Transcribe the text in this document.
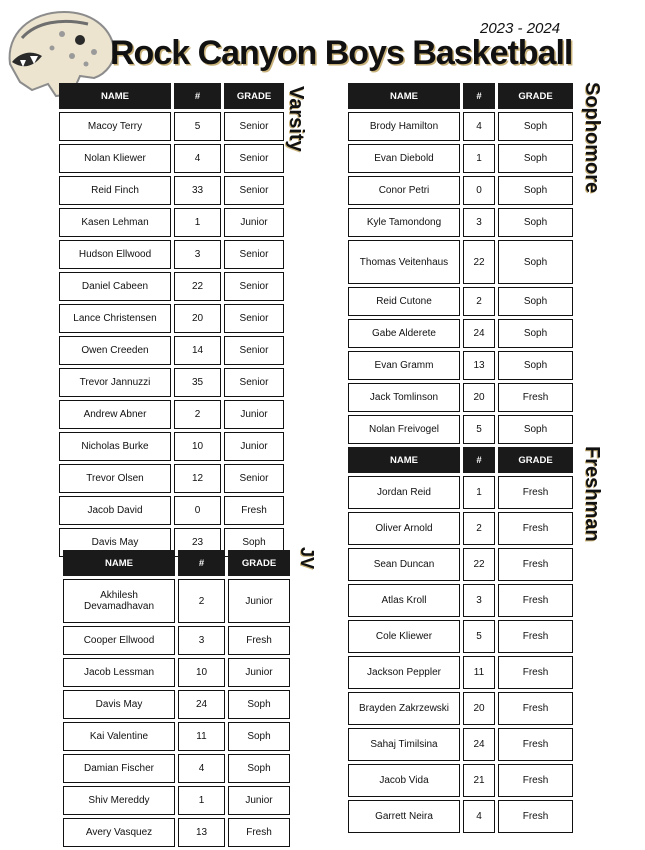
2023 - 2024
Rock Canyon Boys Basketball
NAME	#	GRADE
Macoy Terry	5	Senior
Nolan Kliewer	4	Senior
Reid Finch	33	Senior
Kasen Lehman	1	Junior
Hudson Ellwood	3	Senior
Daniel Cabeen	22	Senior
Lance Christensen	20	Senior
Owen Creeden	14	Senior
Trevor Jannuzzi	35	Senior
Andrew Abner	2	Junior
Nicholas Burke	10	Junior
Trevor Olsen	12	Senior
Jacob David	0	Fresh
Davis May	23	Soph
Varsity
NAME	#	GRADE
Akhilesh Devamadhavan	2	Junior
Cooper Ellwood	3	Fresh
Jacob Lessman	10	Junior
Davis May	24	Soph
Kai Valentine	11	Soph
Damian Fischer	4	Soph
Shiv Mereddy	1	Junior
Avery Vasquez	13	Fresh
JV
NAME	#	GRADE
Brody Hamilton	4	Soph
Evan Diebold	1	Soph
Conor Petri	0	Soph
Kyle Tamondong	3	Soph
Thomas Veitenhaus	22	Soph
Reid Cutone	2	Soph
Gabe Alderete	24	Soph
Evan Gramm	13	Soph
Jack Tomlinson	20	Fresh
Nolan Freivogel	5	Soph
Sophomore
NAME	#	GRADE
Jordan Reid	1	Fresh
Oliver Arnold	2	Fresh
Sean Duncan	22	Fresh
Atlas Kroll	3	Fresh
Cole Kliewer	5	Fresh
Jackson Peppler	11	Fresh
Brayden Zakrzewski	20	Fresh
Sahaj Timilsina	24	Fresh
Jacob Vida	21	Fresh
Garrett Neira	4	Fresh
Freshman
